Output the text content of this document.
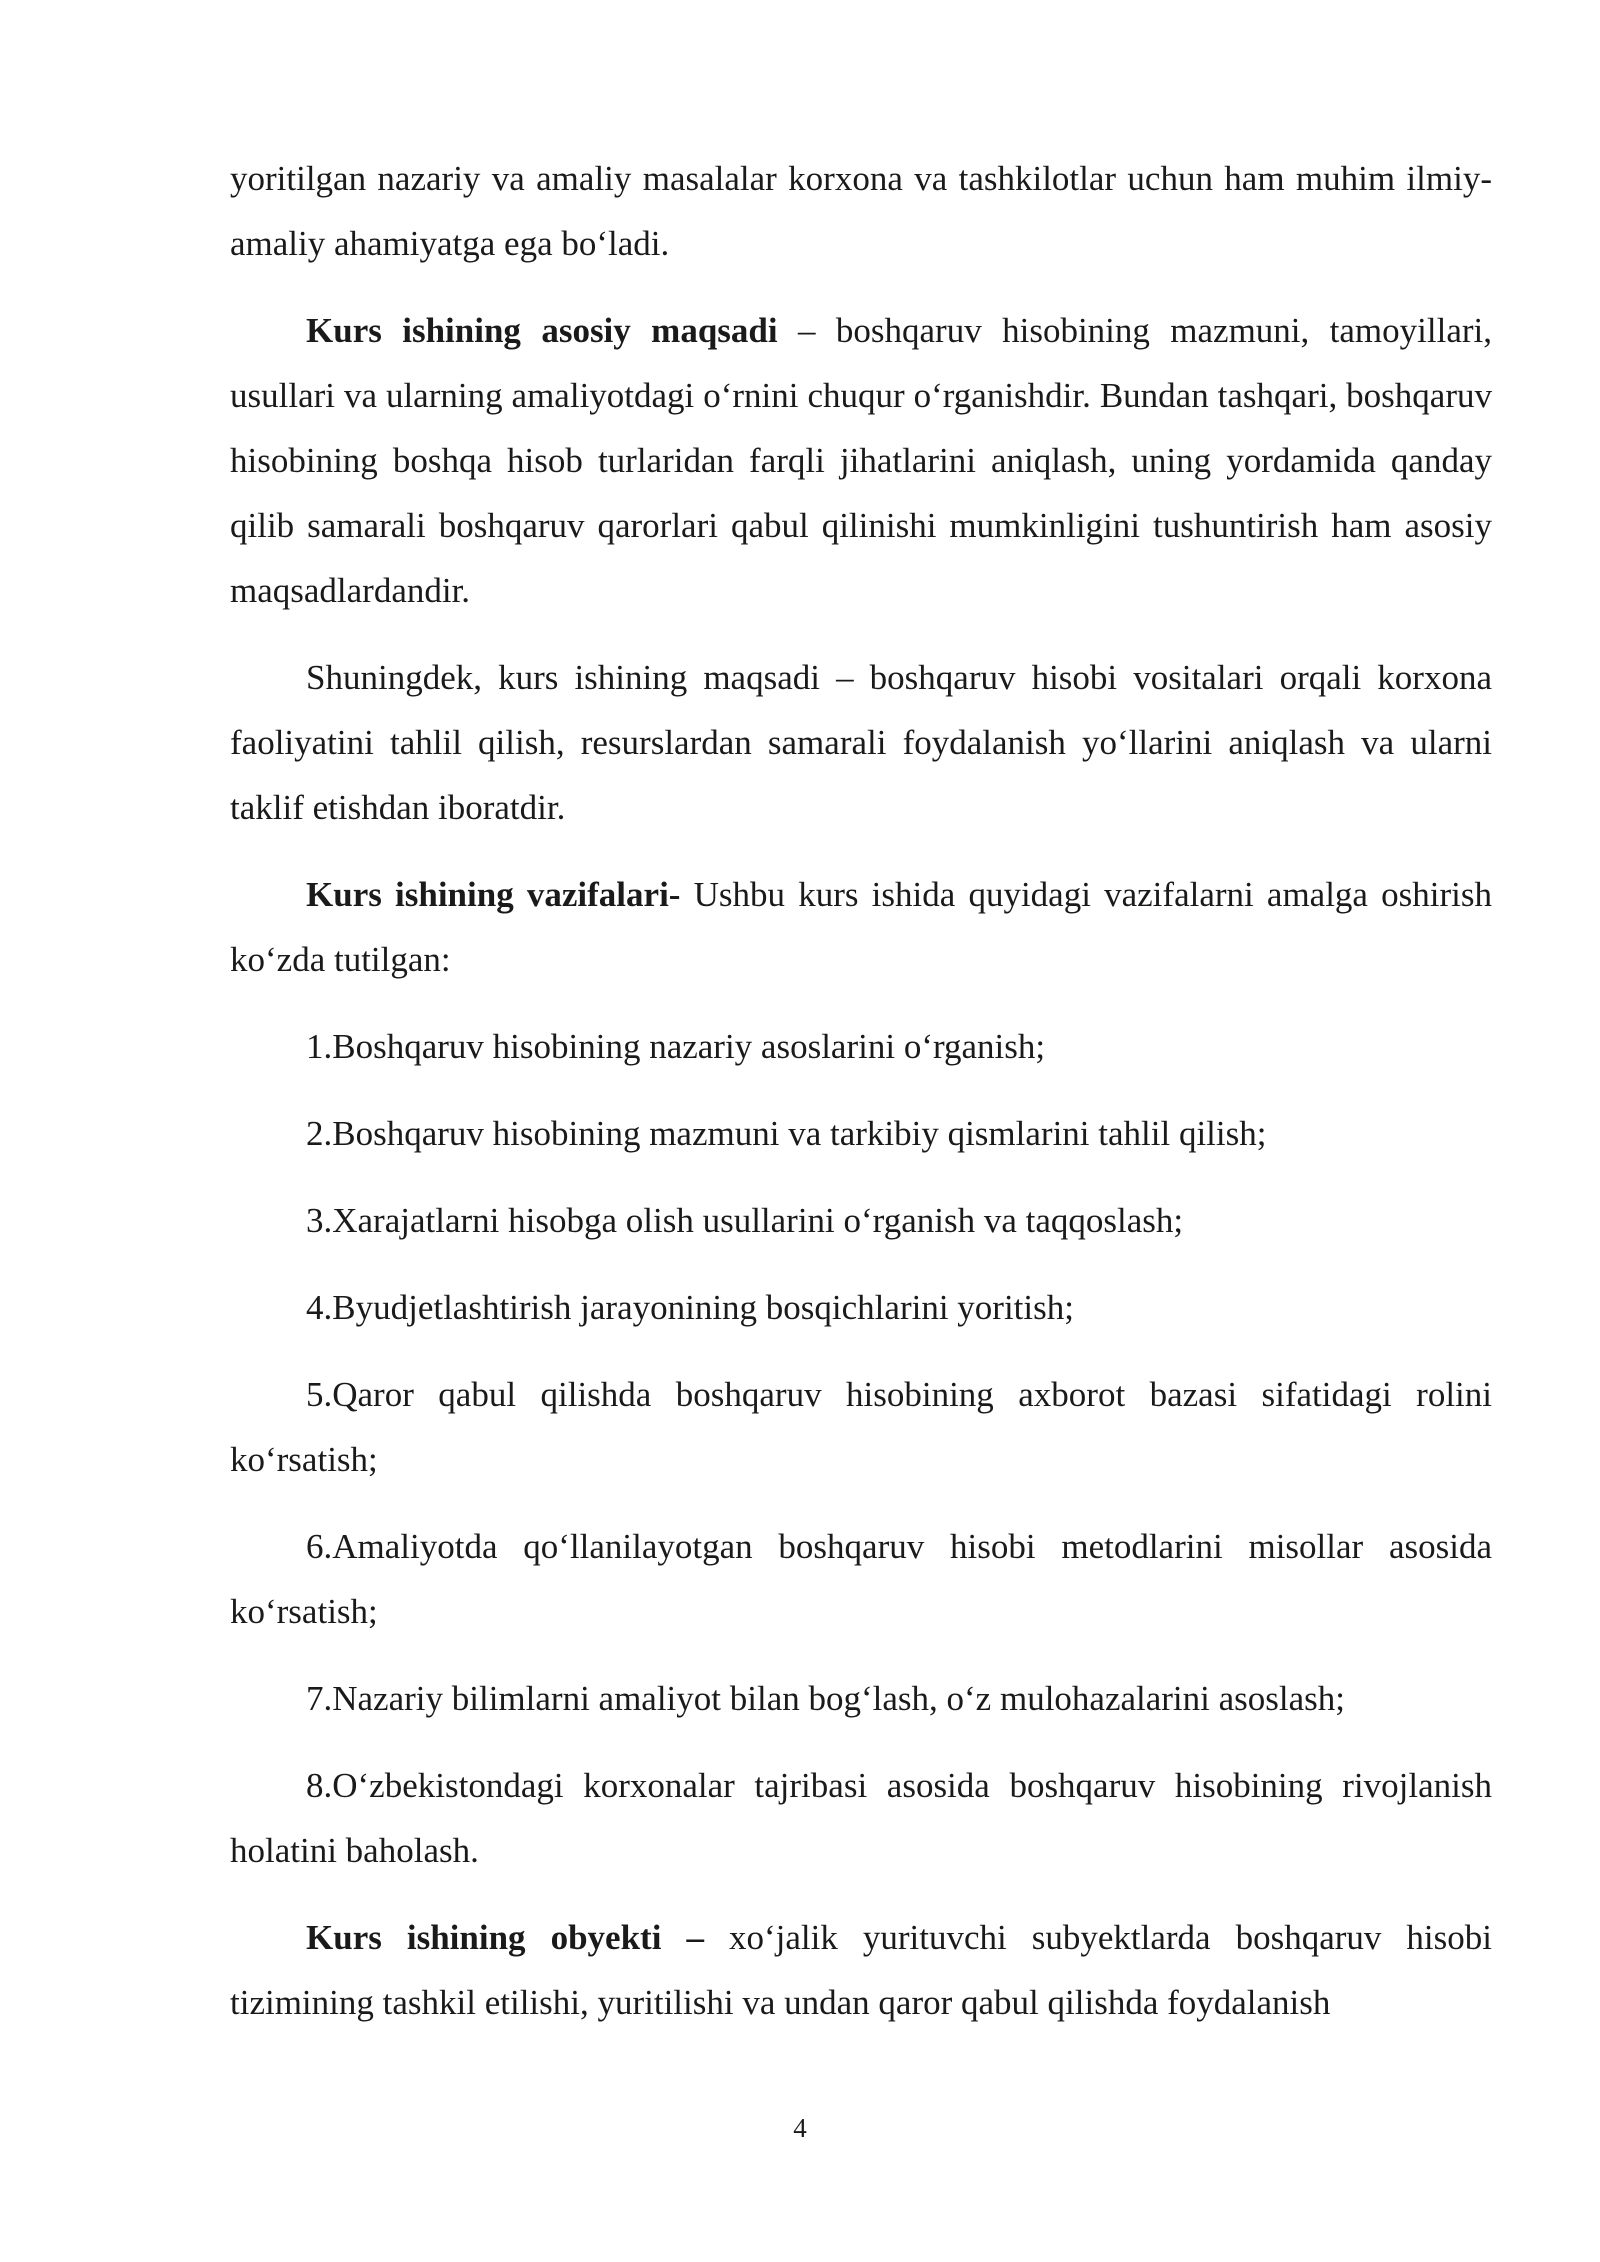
yoritilgan nazariy va amaliy masalalar korxona va tashkilotlar uchun ham muhim ilmiy-amaliy ahamiyatga ega bo‘ladi.

Kurs ishining asosiy maqsadi – boshqaruv hisobining mazmuni, tamoyillari, usullari va ularning amaliyotdagi o‘rnini chuqur o‘rganishdir. Bundan tashqari, boshqaruv hisobining boshqa hisob turlaridan farqli jihatlarini aniqlash, uning yordamida qanday qilib samarali boshqaruv qarorlari qabul qilinishi mumkinligini tushuntirish ham asosiy maqsadlardandir.

Shuningdek, kurs ishining maqsadi – boshqaruv hisobi vositalari orqali korxona faoliyatini tahlil qilish, resurslardan samarali foydalanish yo‘llarini aniqlash va ularni taklif etishdan iboratdir.

Kurs ishining vazifalari- Ushbu kurs ishida quyidagi vazifalarni amalga oshirish ko‘zda tutilgan:

1.Boshqaruv hisobining nazariy asoslarini o‘rganish;

2.Boshqaruv hisobining mazmuni va tarkibiy qismlarini tahlil qilish;

3.Xarajatlarni hisobga olish usullarini o‘rganish va taqqoslash;

4.Byudjetlashtirish jarayonining bosqichlarini yoritish;

5.Qaror qabul qilishda boshqaruv hisobining axborot bazasi sifatidagi rolini ko‘rsatish;

6.Amaliyotda qo‘llanilayotgan boshqaruv hisobi metodlarini misollar asosida ko‘rsatish;

7.Nazariy bilimlarni amaliyot bilan bog‘lash, o‘z mulohazalarini asoslash;

8.O‘zbekistondagi korxonalar tajribasi asosida boshqaruv hisobining rivojlanish holatini baholash.

Kurs ishining obyekti – xo‘jalik yurituvchi subyektlarda boshqaruv hisobi tizimining tashkil etilishi, yuritilishi va undan qaror qabul qilishda foydalanish

4
